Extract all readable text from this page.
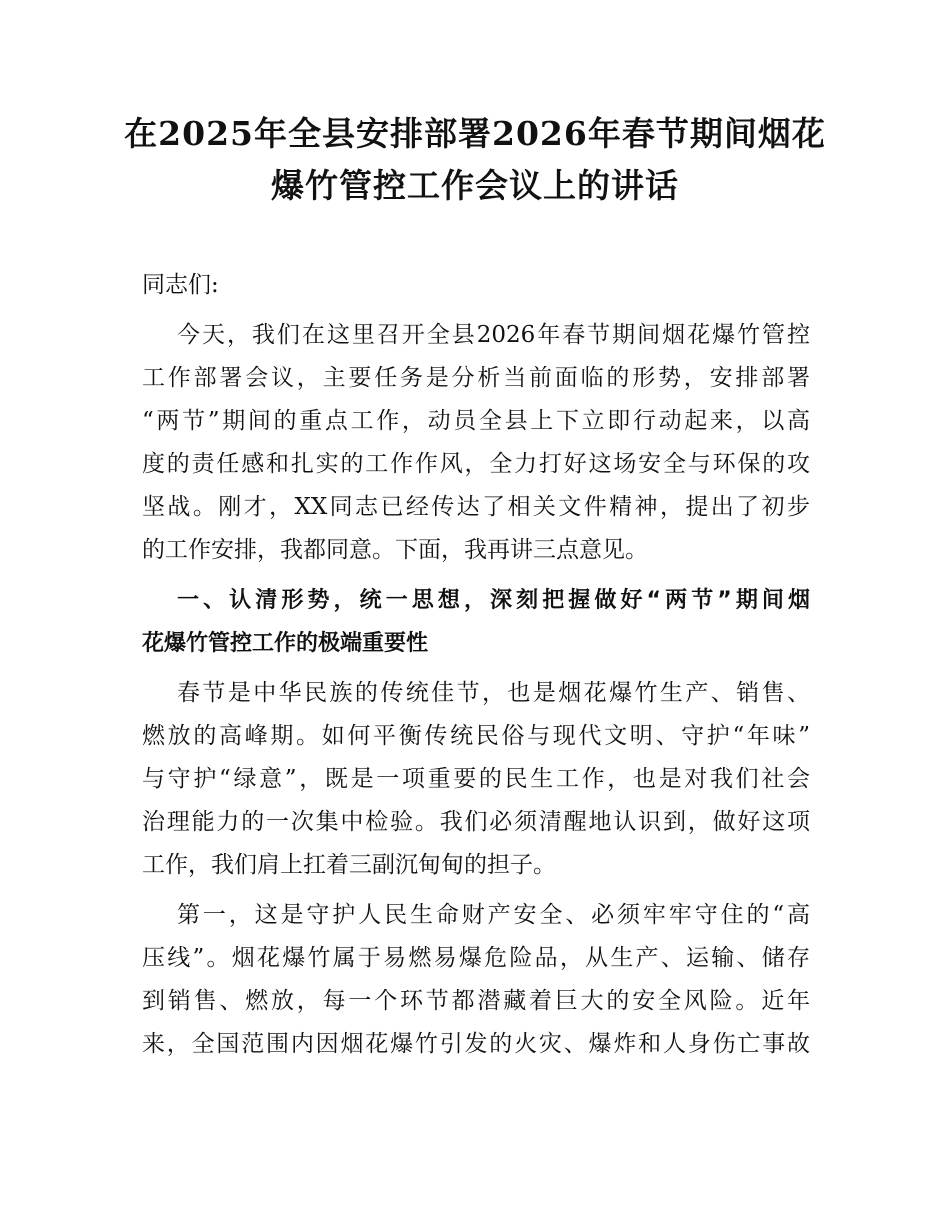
在2025年全县安排部署2026年春节期间烟花
爆竹管控工作会议上的讲话
同志们:
今天，我们在这里召开全县2026年春节期间烟花爆竹管控
工作部署会议，主要任务是分析当前面临的形势，安排部署
“两节”期间的重点工作，动员全县上下立即行动起来，以高
度的责任感和扎实的工作作风，全力打好这场安全与环保的攻
坚战。刚才，XX同志已经传达了相关文件精神，提出了初步
的工作安排，我都同意。下面，我再讲三点意见。
一、认清形势，统一思想，深刻把握做好“两节”期间烟
花爆竹管控工作的极端重要性
春节是中华民族的传统佳节，也是烟花爆竹生产、销售、
燃放的高峰期。如何平衡传统民俗与现代文明、守护“年味”
与守护“绿意”，既是一项重要的民生工作，也是对我们社会
治理能力的一次集中检验。我们必须清醒地认识到，做好这项
工作，我们肩上扛着三副沉甸甸的担子。
第一，这是守护人民生命财产安全、必须牢牢守住的“高
压线”。烟花爆竹属于易燃易爆危险品，从生产、运输、储存
到销售、燃放，每一个环节都潜藏着巨大的安全风险。近年
来，全国范围内因烟花爆竹引发的火灾、爆炸和人身伤亡事故
